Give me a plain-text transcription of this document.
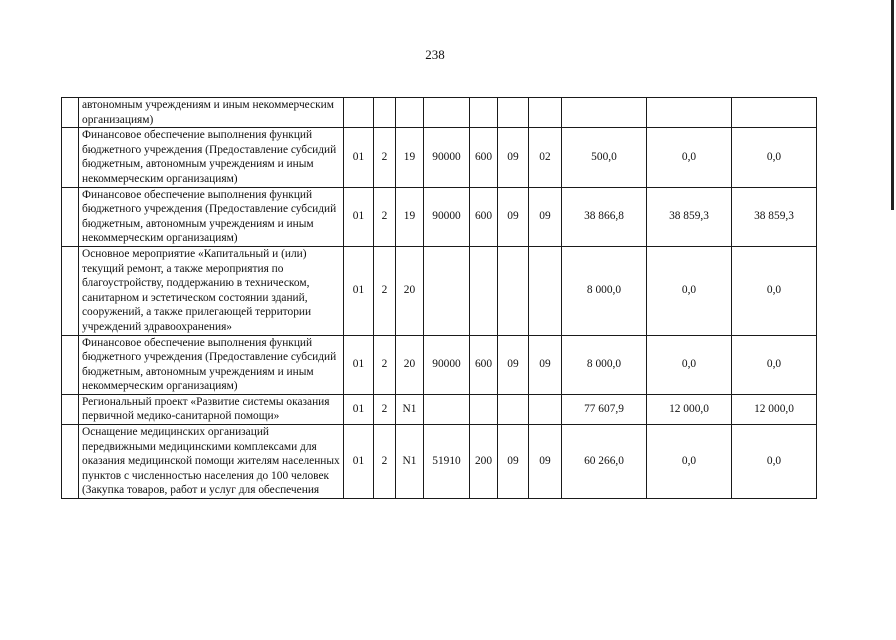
238
	автономным учреждениям и иным некоммерческим организациям)										
	Финансовое обеспечение выполнения функций бюджетного учреждения (Предоставление субсидий бюджетным, автономным учреждениям и иным некоммерческим организациям)	01	2	19	90000	600	09	02	500,0	0,0	0,0
	Финансовое обеспечение выполнения функций бюджетного учреждения (Предоставление субсидий бюджетным, автономным учреждениям и иным некоммерческим организациям)	01	2	19	90000	600	09	09	38 866,8	38 859,3	38 859,3
	Основное мероприятие «Капитальный и (или) текущий ремонт, а также мероприятия по благоустройству, поддержанию в техническом, санитарном и эстетическом состоянии зданий, сооружений, а также прилегающей территории учреждений здравоохранения»	01	2	20					8 000,0	0,0	0,0
	Финансовое обеспечение выполнения функций бюджетного учреждения (Предоставление субсидий бюджетным, автономным учреждениям и иным некоммерческим организациям)	01	2	20	90000	600	09	09	8 000,0	0,0	0,0
	Региональный проект «Развитие системы оказания первичной медико-санитарной помощи»	01	2	N1					77 607,9	12 000,0	12 000,0
	Оснащение медицинских организаций передвижными медицинскими комплексами для оказания медицинской помощи жителям населенных пунктов с численностью населения до 100 человек (Закупка товаров, работ и услуг для обеспечения	01	2	N1	51910	200	09	09	60 266,0	0,0	0,0
